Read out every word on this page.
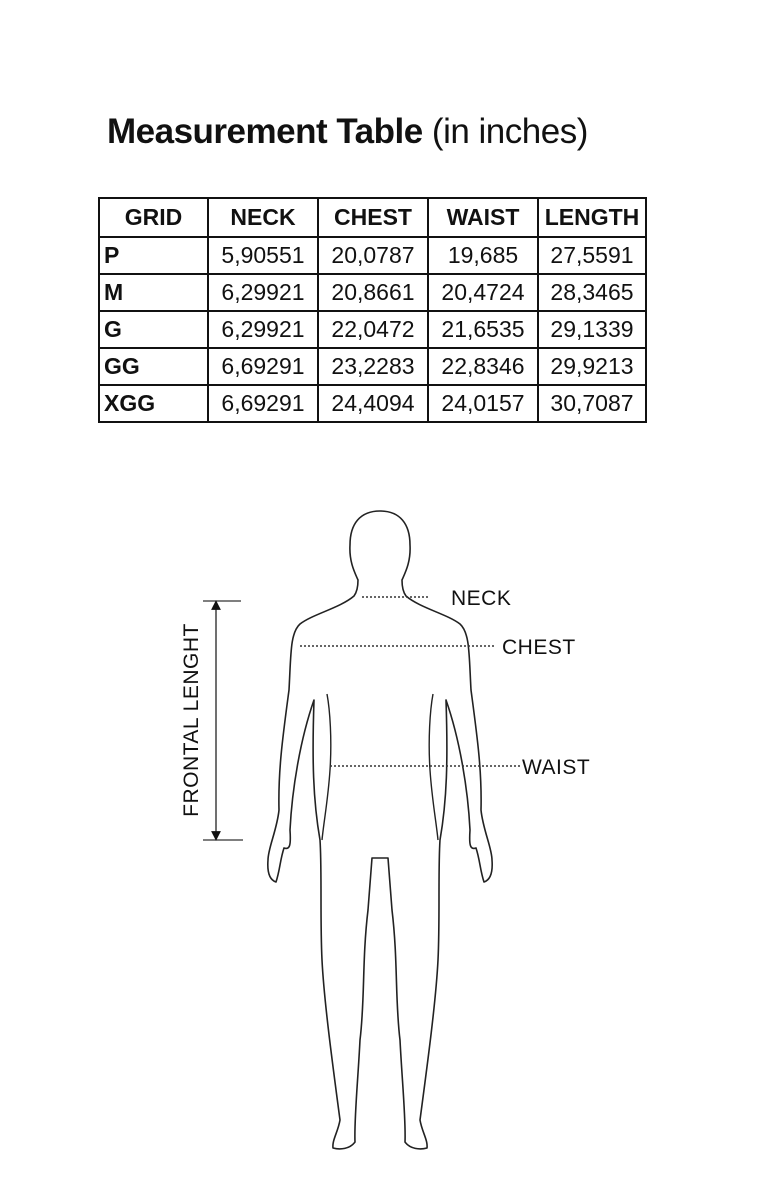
Measurement Table (in inches)
GRID	NECK	CHEST	WAIST	LENGTH
P	5,90551	20,0787	19,685	27,5591
M	6,29921	20,8661	20,4724	28,3465
G	6,29921	22,0472	21,6535	29,1339
GG	6,69291	23,2283	22,8346	29,9213
XGG	6,69291	24,4094	24,0157	30,7087
NECK
CHEST
WAIST
FRONTAL LENGHT
